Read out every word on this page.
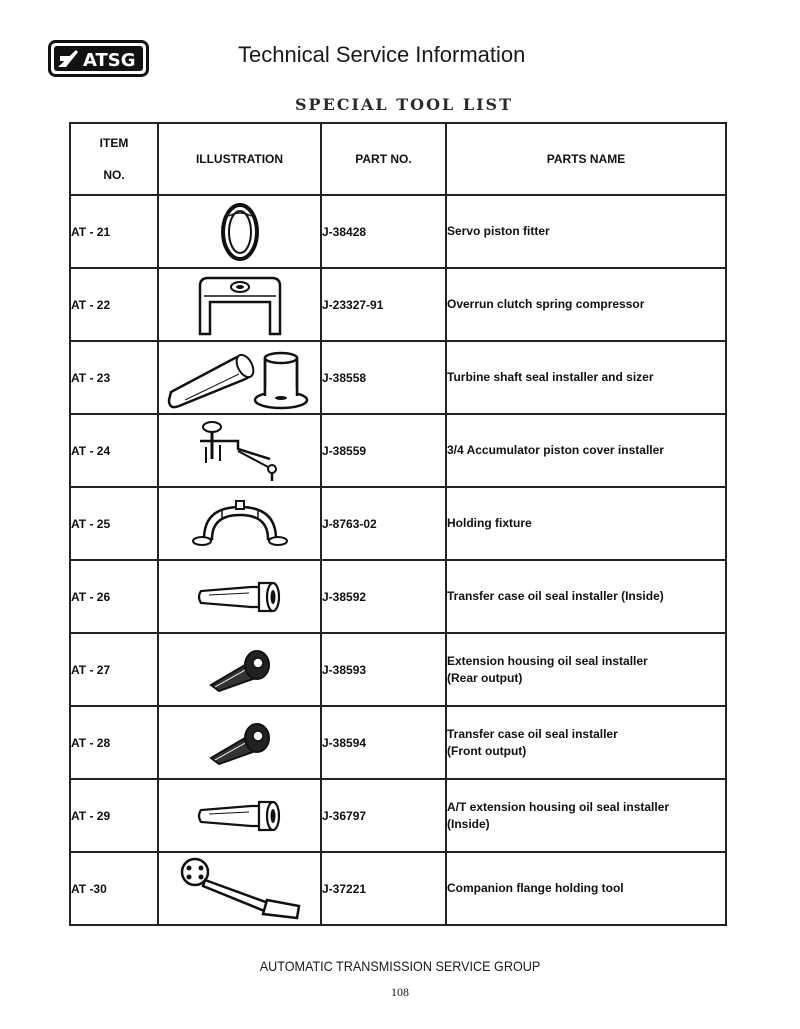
ATSG	Technical Service Information
SPECIAL TOOL LIST
ITEM
NO.	ILLUSTRATION	PART NO.	PARTS NAME
AT - 21		J-38428	Servo piston fitter

AT - 22		J-23327-91	Overrun clutch spring compressor

AT - 23		J-38558	Turbine shaft seal installer and sizer

AT - 24		J-38559	3/4 Accumulator piston cover installer

AT - 25		J-8763-02	Holding fixture

AT - 26		J-38592	Transfer case oil seal installer (Inside)

AT - 27		J-38593	Extension housing oil seal installer
(Rear output)

AT - 28		J-38594	Transfer case oil seal installer
(Front output)

AT - 29		J-36797	A/T extension housing oil seal installer
(Inside)

AT -30		J-37221	Companion flange holding tool
AUTOMATIC TRANSMISSION SERVICE GROUP
108
